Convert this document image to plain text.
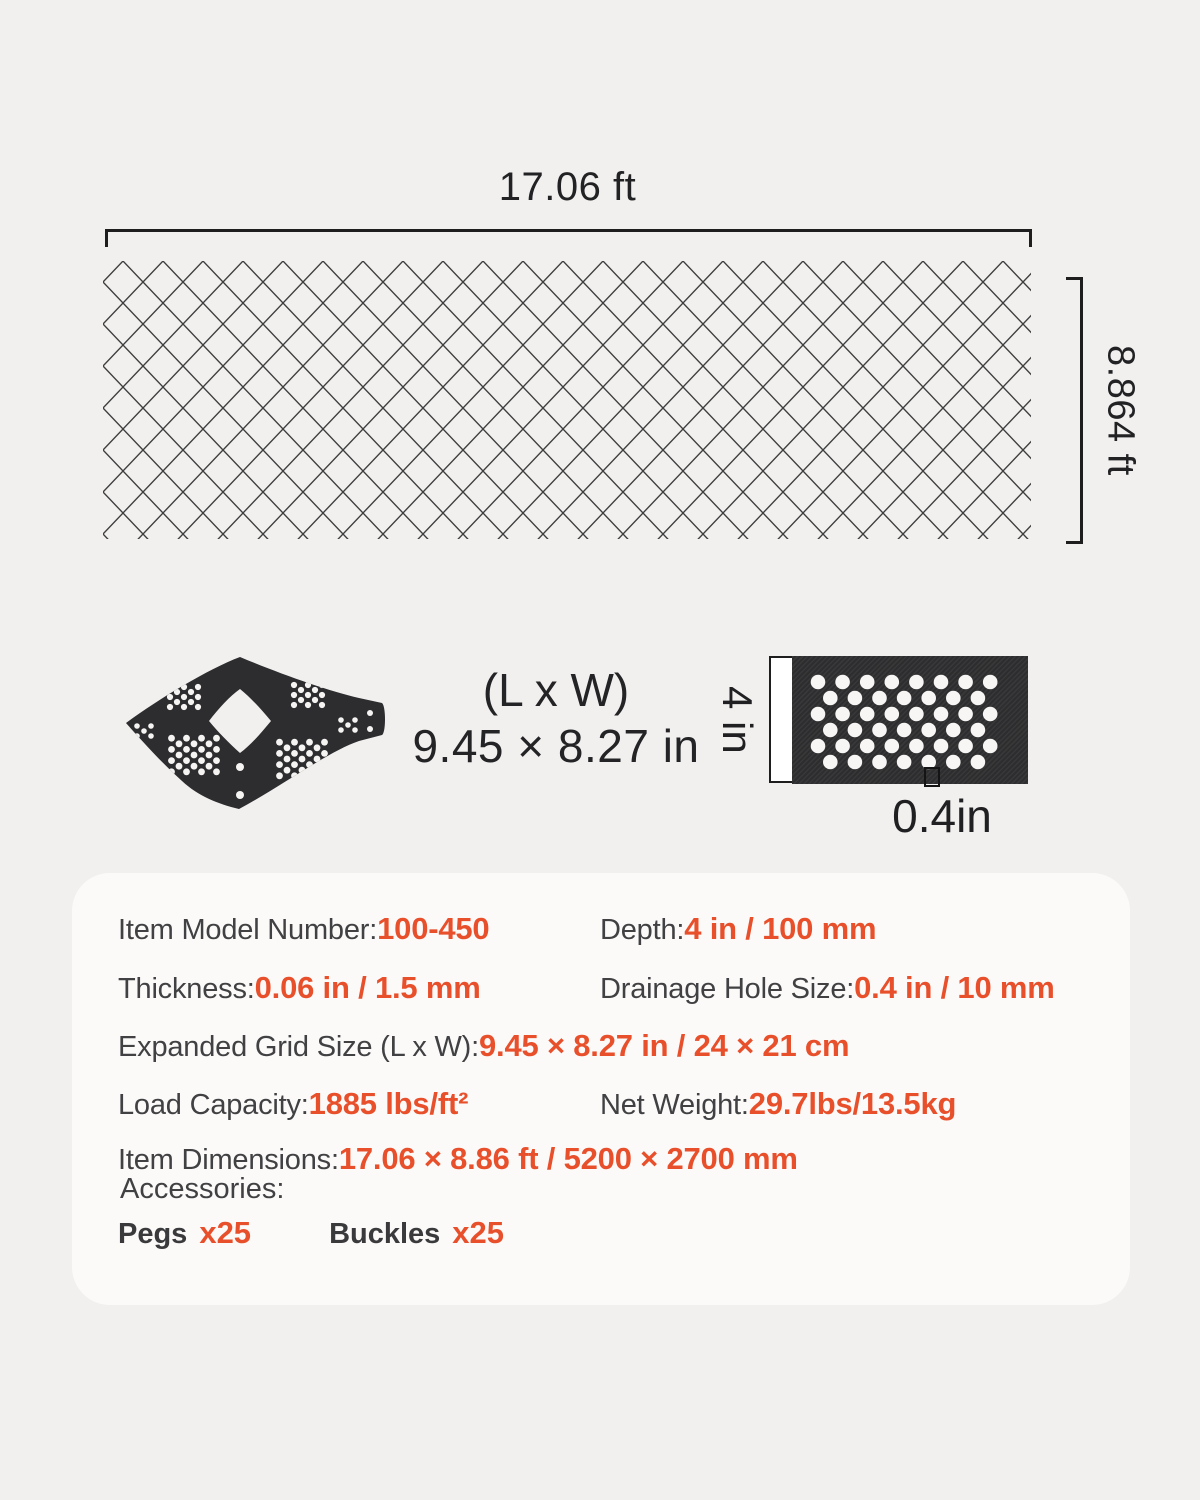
17.06 ft
8.864 ft
(L x W)
9.45 × 8.27 in 4 in
0.4in
Item Model Number:100-450	Depth:4 in / 100 mm
Thickness:0.06 in / 1.5 mm	Drainage Hole Size:0.4 in / 10 mm
Expanded Grid Size (L x W):9.45 × 8.27 in / 24 × 21 cm
Load Capacity:1885 lbs/ft²	Net Weight:29.7lbs/13.5kg
Item Dimensions:17.06 × 8.86 ft / 5200 × 2700 mm
Accessories:
Pegs x25	Buckles x25
